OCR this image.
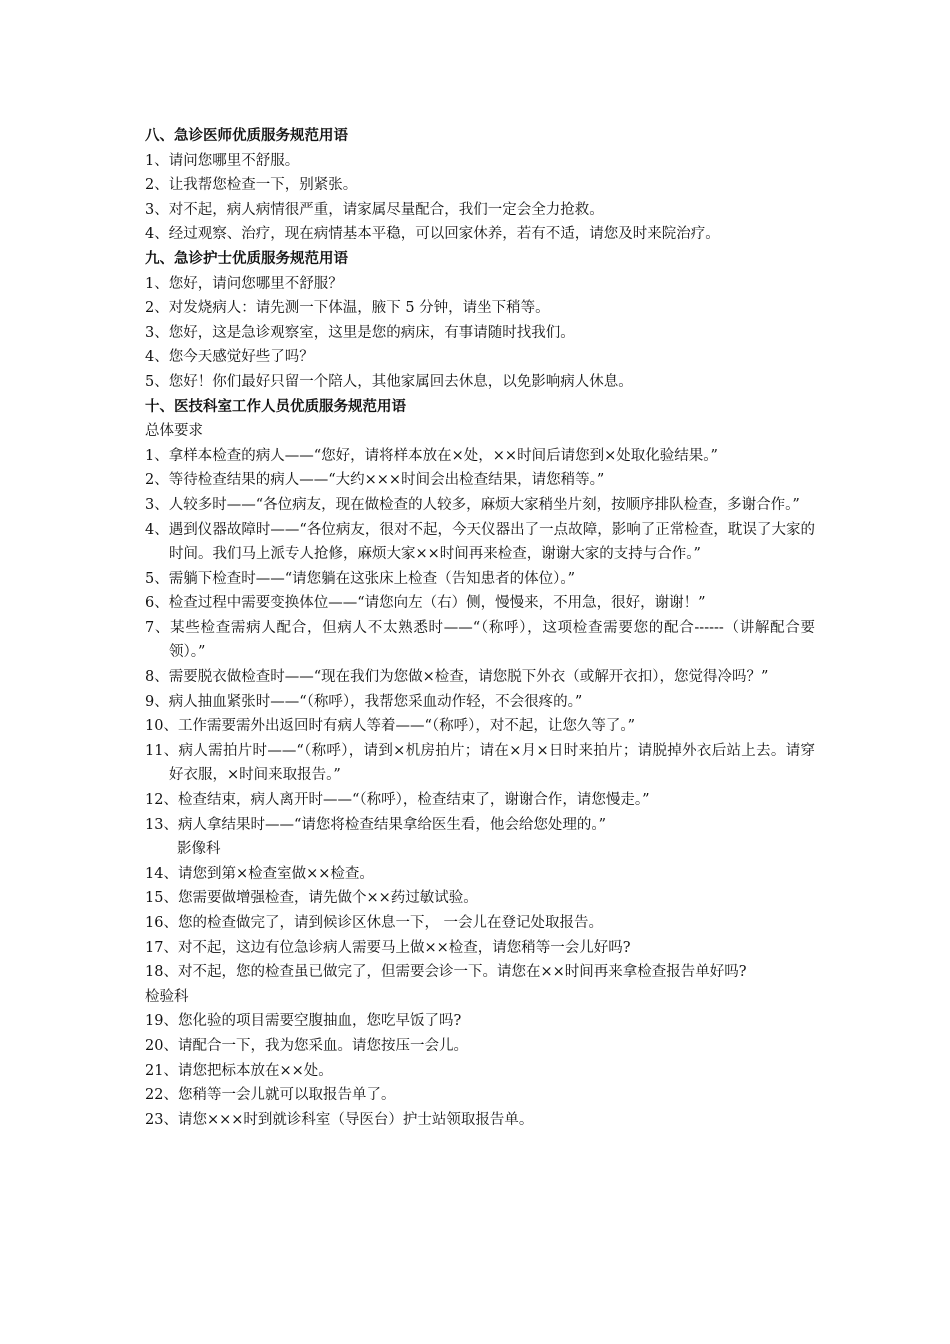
八、急诊医师优质服务规范用语
1、请问您哪里不舒服。
2、让我帮您检查一下，别紧张。
3、对不起，病人病情很严重，请家属尽量配合，我们一定会全力抢救。
4、经过观察、治疗，现在病情基本平稳，可以回家休养，若有不适，请您及时来院治疗。
九、急诊护士优质服务规范用语
1、您好，请问您哪里不舒服？
2、对发烧病人：请先测一下体温，腋下 5 分钟，请坐下稍等。
3、您好，这是急诊观察室，这里是您的病床，有事请随时找我们。
4、您今天感觉好些了吗？
5、您好！你们最好只留一个陪人，其他家属回去休息，以免影响病人休息。
十、医技科室工作人员优质服务规范用语
总体要求
1、拿样本检查的病人——“您好，请将样本放在×处，××时间后请您到×处取化验结果。”
2、等待检查结果的病人——“大约×××时间会出检查结果，请您稍等。”
3、人较多时——“各位病友，现在做检查的人较多，麻烦大家稍坐片刻，按顺序排队检查，多谢合作。”
4、遇到仪器故障时——“各位病友，很对不起，今天仪器出了一点故障，影响了正常检查，耽误了大家的时间。我们马上派专人抢修，麻烦大家××时间再来检查，谢谢大家的支持与合作。”
5、需躺下检查时——“请您躺在这张床上检查（告知患者的体位）。”
6、检查过程中需要变换体位——“请您向左（右）侧，慢慢来，不用急，很好，谢谢！”
7、某些检查需病人配合，但病人不太熟悉时——“（称呼），这项检查需要您的配合------（讲解配合要领）。”
8、需要脱衣做检查时——“现在我们为您做×检查，请您脱下外衣（或解开衣扣），您觉得冷吗？”
9、病人抽血紧张时——“（称呼），我帮您采血动作轻，不会很疼的。”
10、工作需要需外出返回时有病人等着——“（称呼），对不起，让您久等了。”
11、病人需拍片时——“（称呼），请到×机房拍片；请在×月×日时来拍片；请脱掉外衣后站上去。请穿好衣服，×时间来取报告。”
12、检查结束，病人离开时——“（称呼），检查结束了，谢谢合作，请您慢走。”
13、病人拿结果时——“请您将检查结果拿给医生看，他会给您处理的。”
影像科
14、请您到第×检查室做××检查。
15、您需要做增强检查，请先做个××药过敏试验。
16、您的检查做完了，请到候诊区休息一下， 一会儿在登记处取报告。
17、对不起，这边有位急诊病人需要马上做××检查，请您稍等一会儿好吗?
18、对不起，您的检查虽已做完了，但需要会诊一下。请您在××时间再来拿检查报告单好吗?
检验科
19、您化验的项目需要空腹抽血，您吃早饭了吗?
20、请配合一下，我为您采血。请您按压一会儿。
21、请您把标本放在××处。
22、您稍等一会儿就可以取报告单了。
23、请您×××时到就诊科室（导医台）护士站领取报告单。
